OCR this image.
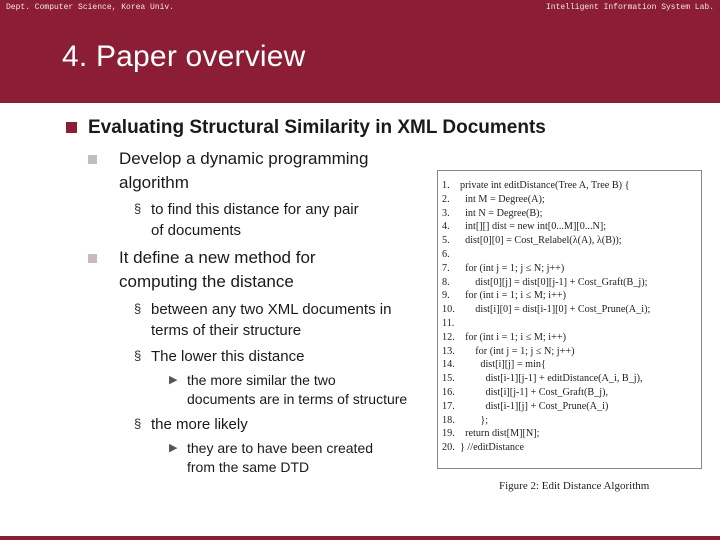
Dept. Computer Science, Korea Univ.	Intelligent Information System Lab.
4. Paper overview
Evaluating Structural Similarity in XML Documents
Develop a dynamic programming
algorithm
§ to find this distance for any pair
of documents
It define a new method for
computing the distance
§ between any two XML documents in
terms of their structure
§ The lower this distance
▶ the more similar the two
documents are in terms of structure
§ the more likely
▶ they are to have been created
from the same DTD
1.	private int editDistance(Tree A, Tree B) {
2.	int M = Degree(A);
3.	int N = Degree(B);
4.	int[][] dist = new int[0...M][0...N];
5.	dist[0][0] = Cost_Relabel(λ(A), λ(B));
6.
7.	for (int j = 1; j ≤ N; j++)
8.	dist[0][j] = dist[0][j-1] + Cost_Graft(B_j);
9.	for (int i = 1; i ≤ M; i++)
10. dist[i][0] = dist[i-1][0] + Cost_Prune(A_i);
11.
12. for (int i = 1; i ≤ M; i++)
13. for (int j = 1; j ≤ N; j++)
14. dist[i][j] = min{
15. dist[i-1][j-1] + editDistance(A_i, B_j),
16. dist[i][j-1] + Cost_Graft(B_j),
17. dist[i-1][j] + Cost_Prune(A_i)
18. };
19. return dist[M][N];
20. } //editDistance
Figure 2: Edit Distance Algorithm
